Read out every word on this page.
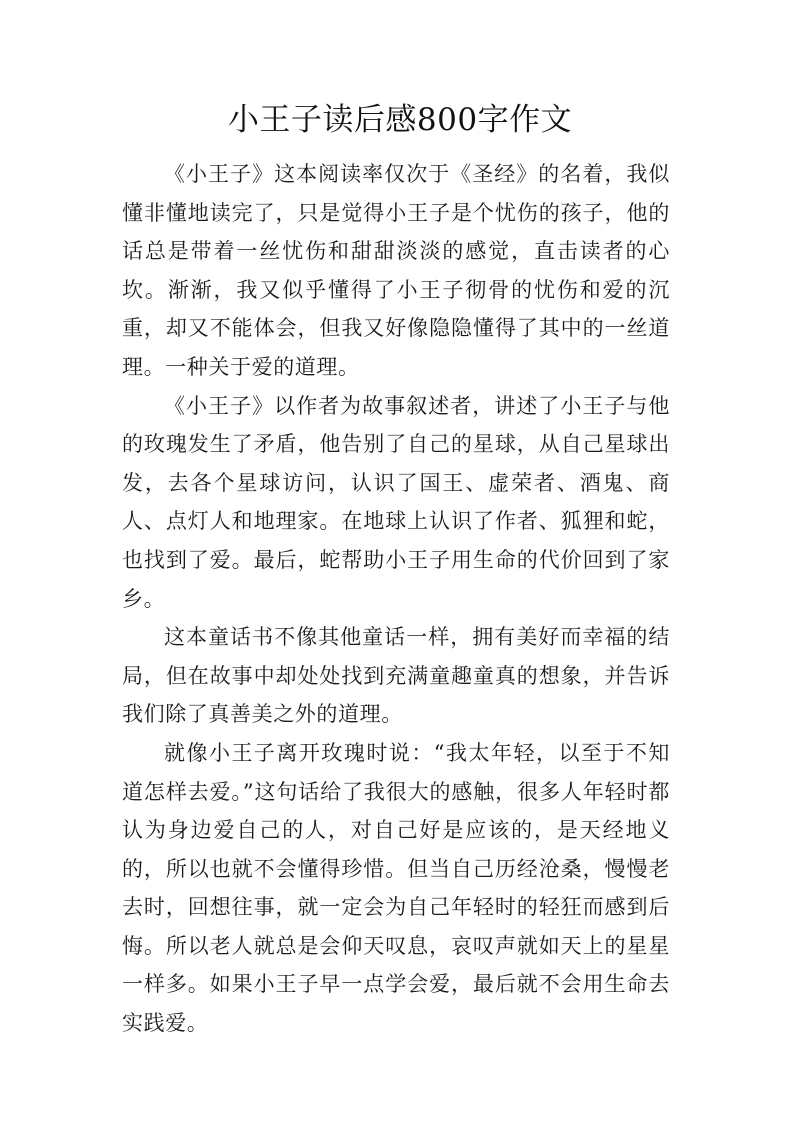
小王子读后感800字作文

《小王子》这本阅读率仅次于《圣经》的名着，我似懂非懂地读完了，只是觉得小王子是个忧伤的孩子，他的话总是带着一丝忧伤和甜甜淡淡的感觉，直击读者的心坎。渐渐，我又似乎懂得了小王子彻骨的忧伤和爱的沉重，却又不能体会，但我又好像隐隐懂得了其中的一丝道理。一种关于爱的道理。

《小王子》以作者为故事叙述者，讲述了小王子与他的玫瑰发生了矛盾，他告别了自己的星球，从自己星球出发，去各个星球访问，认识了国王、虚荣者、酒鬼、商人、点灯人和地理家。在地球上认识了作者、狐狸和蛇，也找到了爱。最后，蛇帮助小王子用生命的代价回到了家乡。

这本童话书不像其他童话一样，拥有美好而幸福的结局，但在故事中却处处找到充满童趣童真的想象，并告诉我们除了真善美之外的道理。

就像小王子离开玫瑰时说：“我太年轻，以至于不知道怎样去爱。”这句话给了我很大的感触，很多人年轻时都认为身边爱自己的人，对自己好是应该的，是天经地义的，所以也就不会懂得珍惜。但当自己历经沧桑，慢慢老去时，回想往事，就一定会为自己年轻时的轻狂而感到后悔。所以老人就总是会仰天叹息，哀叹声就如天上的星星一样多。如果小王子早一点学会爱，最后就不会用生命去实践爱。
